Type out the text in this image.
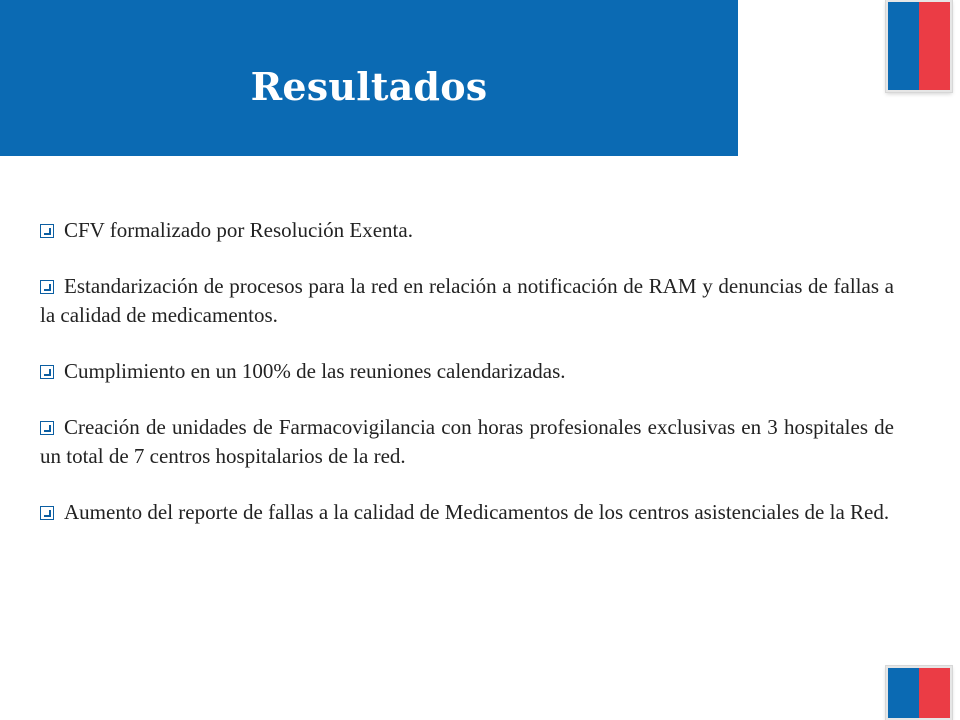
Resultados
CFV formalizado por Resolución Exenta.
Estandarización de procesos para la red en relación a notificación de RAM y denuncias de fallas a la calidad de medicamentos.
Cumplimiento en un 100% de las reuniones calendarizadas.
Creación de unidades de Farmacovigilancia con horas profesionales exclusivas en 3 hospitales de un total de 7 centros hospitalarios de la red.
Aumento del reporte de fallas a la calidad de Medicamentos de los centros asistenciales de la Red.
